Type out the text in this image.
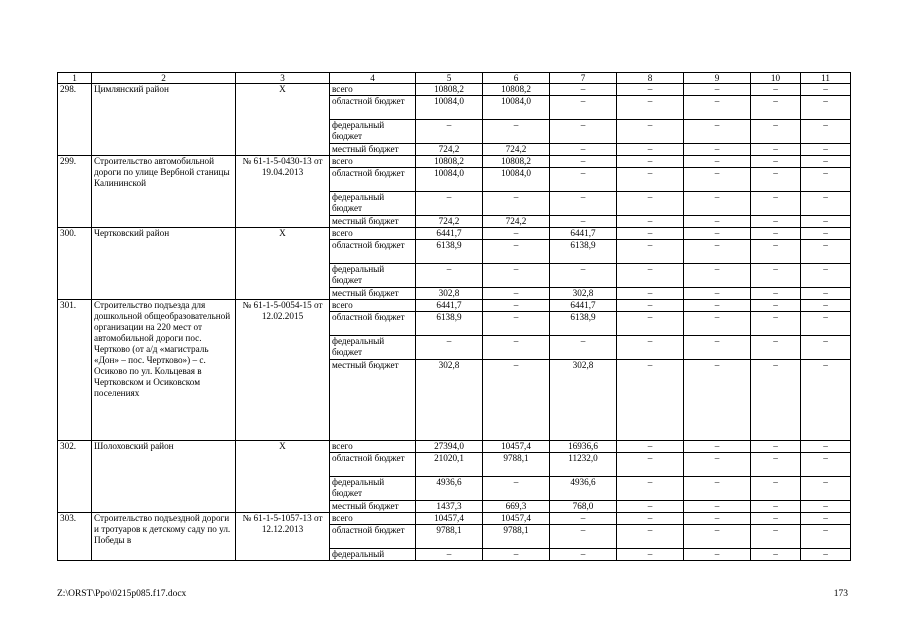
1	2	3	4	5	6	7	8	9	10	11
298.	Цимлянский район	X	всего	10808,2	10808,2	–	–	–	–	–
			областной бюджет	10084,0	10084,0	–	–	–	–	–
			федеральный бюджет	–	–	–	–	–	–	–
			местный бюджет	724,2	724,2	–	–	–	–	–
299.	Строительство автомобильной дороги по улице Вербной станицы Калининской	№ 61-1-5-0430-13 от 19.04.2013	всего	10808,2	10808,2	–	–	–	–	–
			областной бюджет	10084,0	10084,0	–	–	–	–	–
			федеральный бюджет	–	–	–	–	–	–	–
			местный бюджет	724,2	724,2	–	–	–	–	–
300.	Чертковский район	X	всего	6441,7	–	6441,7	–	–	–	–
			областной бюджет	6138,9	–	6138,9	–	–	–	–
			федеральный бюджет	–	–	–	–	–	–	–
			местный бюджет	302,8	–	302,8	–	–	–	–
301.	Строительство подъезда для дошкольной общеобразовательной организации на 220 мест от автомобильной дороги пос. Чертково (от а/д «магистраль «Дон» – пос. Чертково») – с. Осиково по ул. Кольцевая в Чертковском и Осиковском поселениях	№ 61-1-5-0054-15 от 12.02.2015	всего	6441,7	–	6441,7	–	–	–	–
			областной бюджет	6138,9	–	6138,9	–	–	–	–
			федеральный бюджет	–	–	–	–	–	–	–
			местный бюджет	302,8	–	302,8	–	–	–	–
302.	Шолоховский район	X	всего	27394,0	10457,4	16936,6	–	–	–	–
			областной бюджет	21020,1	9788,1	11232,0	–	–	–	–
			федеральный бюджет	4936,6	–	4936,6	–	–	–	–
			местный бюджет	1437,3	669,3	768,0	–	–	–	–
303.	Строительство подъездной дороги и тротуаров к детскому саду по ул. Победы в	№ 61-1-5-1057-13 от 12.12.2013	всего	10457,4	10457,4	–	–	–	–	–
			областной бюджет	9788,1	9788,1	–	–	–	–	–
			федеральный	–	–	–	–	–	–	–
Z:\ORST\Ppo\0215p085.f17.docx	173
